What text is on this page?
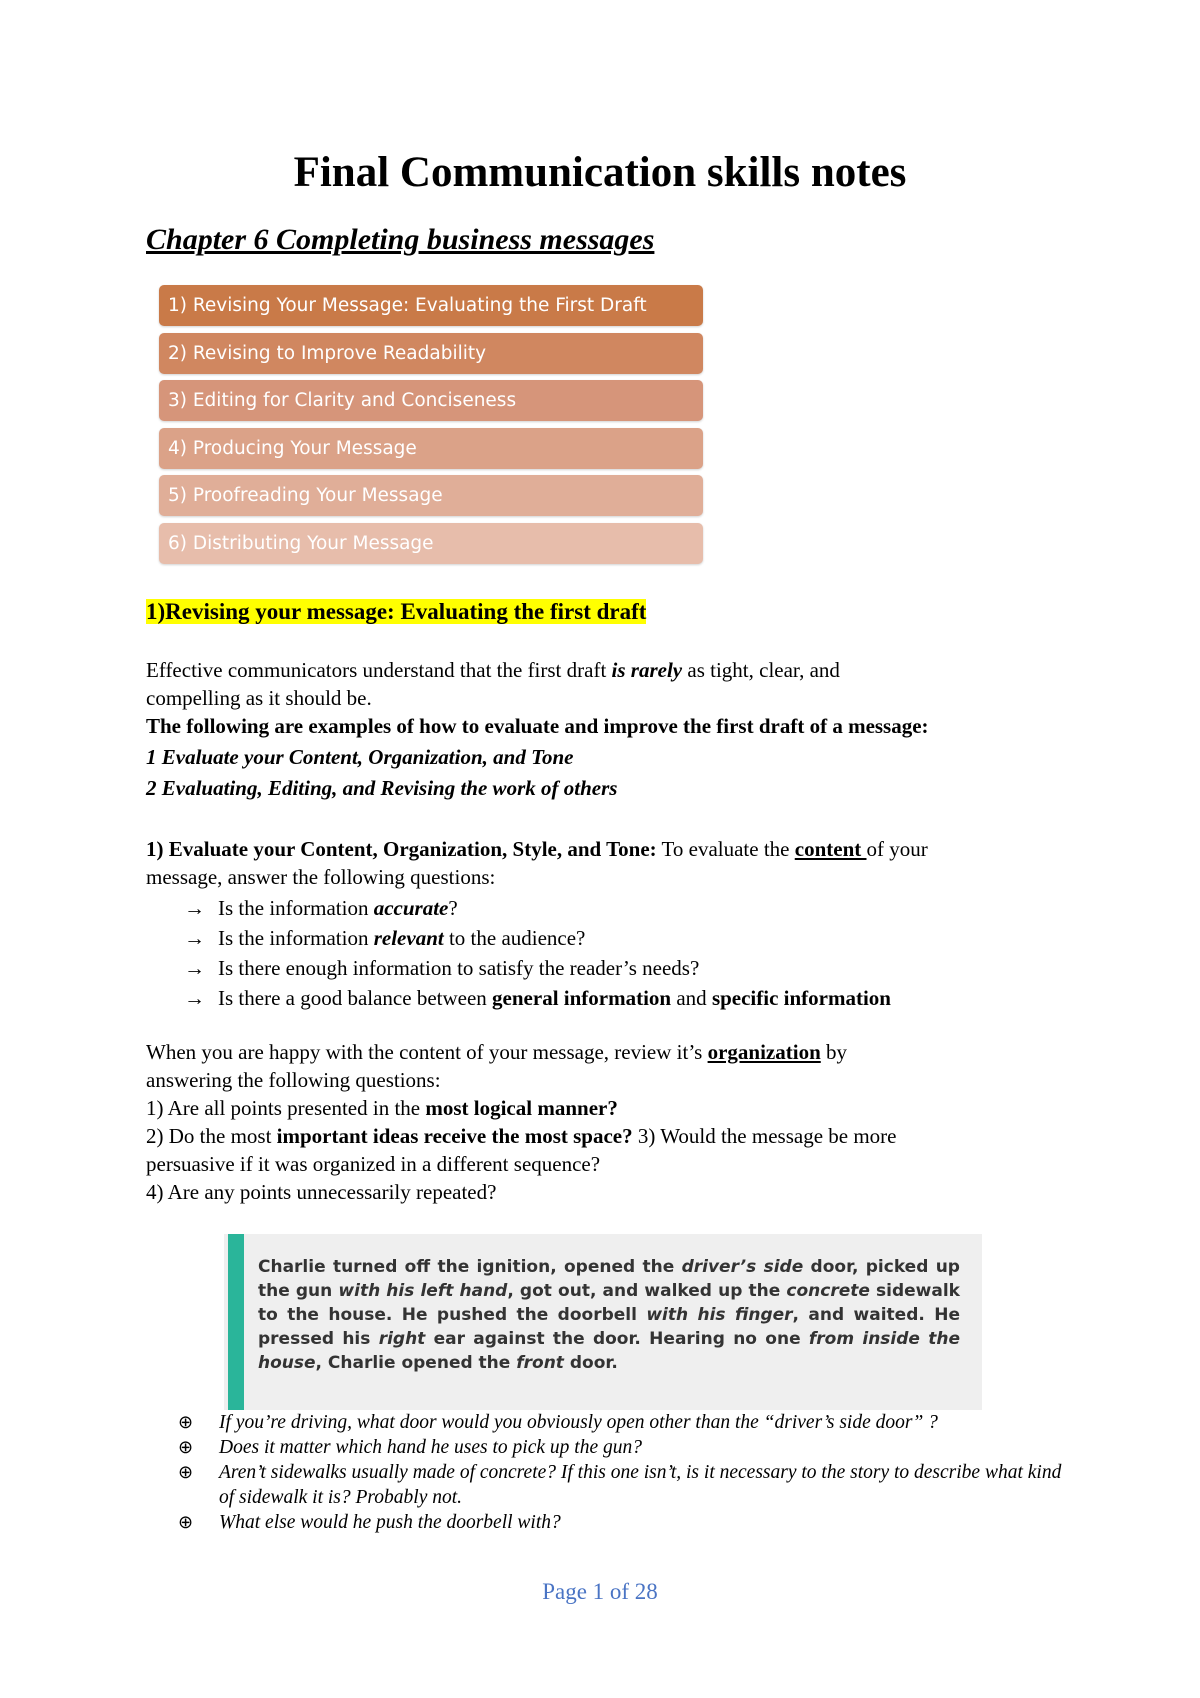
Final Communication skills notes
Chapter 6 Completing business messages
1) Revising Your Message: Evaluating the First Draft
2) Revising to Improve Readability
3) Editing for Clarity and Conciseness
4) Producing Your Message
5) Proofreading Your Message
6) Distributing Your Message
1)Revising your message: Evaluating the first draft
Effective communicators understand that the first draft is rarely as tight, clear, and
compelling as it should be.
The following are examples of how to evaluate and improve the first draft of a message:
1 Evaluate your Content, Organization, and Tone
2 Evaluating, Editing, and Revising the work of others
1) Evaluate your Content, Organization, Style, and Tone: To evaluate the content of your
message, answer the following questions:
→ Is the information accurate?
→ Is the information relevant to the audience?
→ Is there enough information to satisfy the reader’s needs?
→ Is there a good balance between general information and specific information
When you are happy with the content of your message, review it’s organization by
answering the following questions:
1) Are all points presented in the most logical manner?
2) Do the most important ideas receive the most space? 3) Would the message be more
persuasive if it was organized in a different sequence?
4) Are any points unnecessarily repeated?
Charlie turned off the ignition, opened the driver’s side door, picked up the gun with his left hand, got out, and walked up the concrete sidewalk to the house. He pushed the doorbell with his finger, and waited. He pressed his right ear against the door. Hearing no one from inside the house, Charlie opened the front door.
⊕ If you’re driving, what door would you obviously open other than the “driver’s side door” ?
⊕ Does it matter which hand he uses to pick up the gun?
⊕ Aren’t sidewalks usually made of concrete? If this one isn’t, is it necessary to the story to describe what kind of sidewalk it is? Probably not.
⊕ What else would he push the doorbell with?
Page 1 of 28
